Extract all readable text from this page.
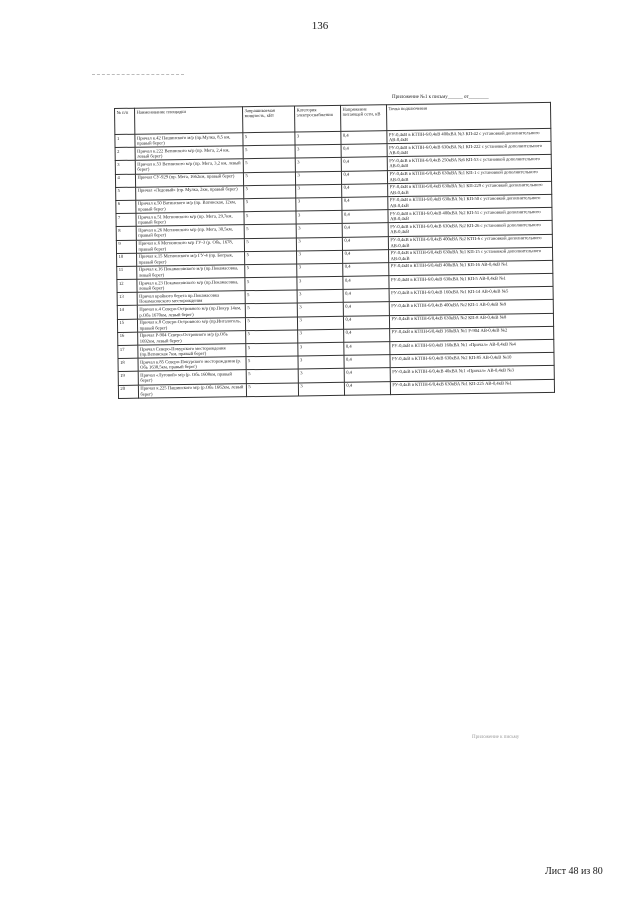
136
Приложение №1 к письму______ от________
№ п/п	Наименование площадки	Запрашиваемая мощность, кВт	Категория электроснабжения	Напряжение питающей сети, кВ	Точка подключения
1	Причал к.42 Пашинского м/р (пр.Мулка, 8,5 км, правый берег)	5	3	0,4	РУ-0,4кВ в КТПН-6/0,4кВ 400кВА №3 КП-42 с установкой дополнительного АВ-0,4кВ
2	Причал к.222 Ватинского м/р (пр. Мега, 2,4 км, левый берег)	5	3	0,4	РУ-0,4кВ в КТПН-6/0,4кВ 630кВА №1 КП-222 с установкой дополнительного АВ-0,4кВ
3	Причал к.53 Ватинского м/р (пр. Мега, 3,2 км, левый берег)	5	3	0,4	РУ-0,4кВ в КТПН-6/0,4кВ 250кВА №6 КП-53 с установкой дополнительного АВ-0,4кВ
4	Причал СУ-929 (пр. Мега, 1662км, правый берег)	5	3	0,4	РУ-0,4кВ в КТПН-6/0,4кВ 630кВА №1 КП-1 с установкой дополнительного АВ-0,4кВ
5	Причал «Ледовый» (пр. Мулка, 2км, правый берег)	5	3	0,4	РУ-0,4кВ в КТПН-6/0,4кВ 630кВА №1 КП-229 с установкой дополнительного АВ-0,4кВ
6	Причал к.50 Ватинского м/р (пр. Ватинская, 12км, правый берег)	5	3	0,4	РУ-0,4кВ в КТПН-6/0,4кВ 630кВА №1 КП-50 с установкой дополнительного АВ-0,4кВ
7	Причал к.51 Мегионского м/р (пр. Мега, 29,7км, правый берег)	5	3	0,4	РУ-0,4кВ в КТПН-6/0,4кВ 400кВА №2 КП-51 с установкой дополнительного АВ-0,4кВ
8	Причал к.26 Мегионского м/р (пр. Мега, 30,5км, правый берег)	5	3	0,4	РУ-0,4кВ в КТПН-6/0,4кВ 630кВА №2 КП-26 с установкой дополнительного АВ-0,4кВ
9	Причал к.6 Мегионского м/р ГУ-3 (р. Обь, 1678, правый берег)	5	3	0,4	РУ-0,4кВ в КТПН-6/0,4кВ 400кВА №2 КТП-6 с установкой дополнительного АВ-0,4кВ
10	Причал к.15 Мегионского м/р ГУ-4 (пр. Богрык, правый берег)	5	3	0,4	РУ-0,4кВ в КТПН-6/0,4кВ 630кВА №1 КП-15 с установкой дополнительного АВ-0,4кВ
11	Причал к.16 Покамасовского м/р (пр.Покамасовка, левый берег)	5	3	0,4	РУ-0,4кВ в КТПН-6/0,4кВ 400кВА №1 КП-16 АВ-0,4кВ №1
12	Причал к.23 Покамасовского м/р (пр.Покамасовка, левый берег)	5	3	0,4	РУ-0,4кВ в КТПН-6/0,4кВ 630кВА №1 КП-5 АВ-0,4кВ №1
13	Причал крайного берега пр.Покамасовка Покамасовского месторождения	5	3	0,4	РУ-0,4кВ в КТПН-6/0,4кВ 160кВА №1 КП-14 АВ-0,4кВ №5
14	Причал к.4 Северо-Островного м/р (пр.Покур 14км, р.Обь 1670км, левый берег)	5	3	0,4	РУ-0,4кВ в КТПН-6/0,4кВ 400кВА №2 КП-1 АВ-0,4кВ №9
15	Причал к.8 Северо-Островного м/р (пр.Ингалоголь, правый берег)	5	3	0,4	РУ-0,4кВ в КТПН-6/0,4кВ 630кВА №2 КП-8 АВ-0,4кВ №8
16	Причал Р-904 Северо-Островного м/р (р.Обь 1692км, левый берег)	5	3	0,4	РУ-0,4кВ в КТПН-6/0,4кВ 160кВА №1 Р-904 АВ-0,4кВ №2
17	Причал Северо-Покурского месторождения (пр.Ватинская 7км, правый берег)	5	3	0,4	РУ-0,4кВ в КТПН-6/0,4кВ 160кВА №1 «Причал» АВ-0,4кВ №4
18	Причал к.85 Северо-Покурского месторождения (р. Обь 1638,5км, правый берег)	5	3	0,4	РУ-0,4кВ в КТПН-6/0,4кВ 630кВА №2 КП-85 АВ-0,4кВ №10
19	Причал «Луговой» м/р (р. Обь 1608км, правый берег)	5	3	0,4	РУ-0,4кВ в КТПН-6/0,4кВ 40кВА №1 «Причал» АВ-0,4кВ №3
20	Причал к.225 Пашинского м/р (р.Обь 1662км, левый берег)	5	3	0,4	РУ-0,4кВ в КТПН-6/0,4кВ 630кВА №1 КП-225 АВ-0,4кВ №1
Приложение к письму
Лист 48 из 80
